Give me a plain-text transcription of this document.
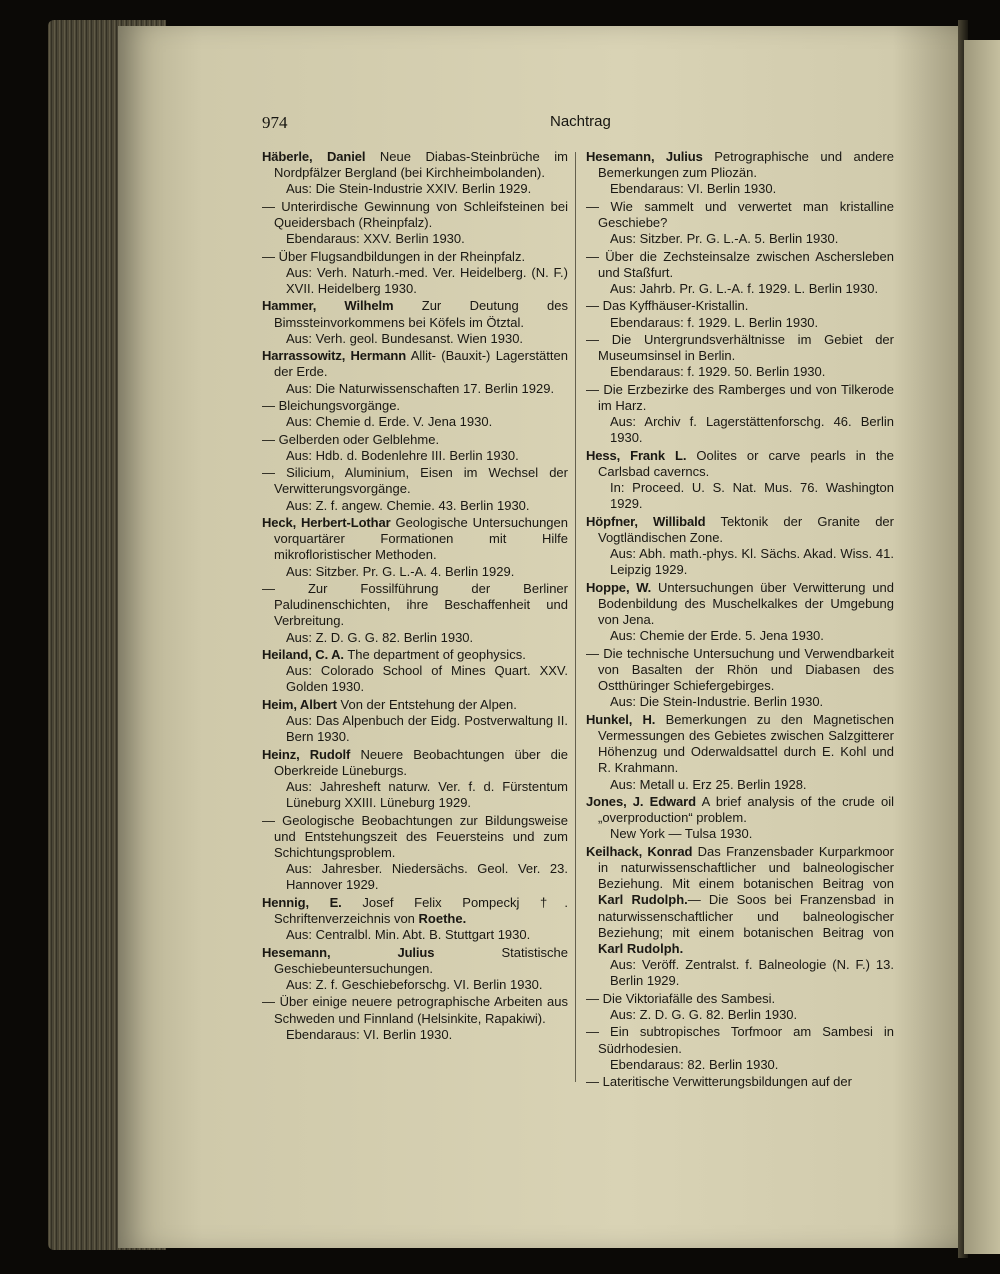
974	Nachtrag

Häberle, Daniel Neue Diabas-Steinbrüche im Nordpfälzer Bergland (bei Kirchheimbolanden).
Aus: Die Stein-Industrie XXIV. Berlin 1929.

— Unterirdische Gewinnung von Schleifsteinen bei Queidersbach (Rheinpfalz).
Ebendaraus: XXV. Berlin 1930.

— Über Flugsandbildungen in der Rheinpfalz.
Aus: Verh. Naturh.-med. Ver. Heidelberg. (N. F.) XVII. Heidelberg 1930.

Hammer, Wilhelm Zur Deutung des Bimssteinvorkommens bei Köfels im Ötztal.
Aus: Verh. geol. Bundesanst. Wien 1930.

Harrassowitz, Hermann Allit- (Bauxit-) Lagerstätten der Erde.
Aus: Die Naturwissenschaften 17. Berlin 1929.

— Bleichungsvorgänge.
Aus: Chemie d. Erde. V. Jena 1930.

— Gelberden oder Gelblehme.
Aus: Hdb. d. Bodenlehre III. Berlin 1930.

— Silicium, Aluminium, Eisen im Wechsel der Verwitterungsvorgänge.
Aus: Z. f. angew. Chemie. 43. Berlin 1930.

Heck, Herbert-Lothar Geologische Untersuchungen vorquartärer Formationen mit Hilfe mikrofloristischer Methoden.
Aus: Sitzber. Pr. G. L.-A. 4. Berlin 1929.

—	Zur Fossilführung der Berliner Paludinenschichten, ihre Beschaffenheit und Verbreitung.
Aus: Z. D. G. G. 82. Berlin 1930.

Heiland, C. A. The department of geophysics.
Aus: Colorado School of Mines Quart. XXV. Golden 1930.

Heim, Albert Von der Entstehung der Alpen.
Aus: Das Alpenbuch der Eidg. Postverwaltung II. Bern 1930.

Heinz, Rudolf Neuere Beobachtungen über die Oberkreide Lüneburgs.
Aus: Jahresheft naturw. Ver. f. d. Fürstentum Lüneburg XXIII. Lüneburg 1929.

— Geologische Beobachtungen zur Bildungsweise und Entstehungszeit des Feuersteins und zum Schichtungsproblem.
Aus: Jahresber. Niedersächs. Geol. Ver. 23. Hannover 1929.

Hennig, E. Josef Felix Pompeckj †. Schriftenverzeichnis von Roethe.
Aus: Centralbl. Min. Abt. B. Stuttgart 1930.

Hesemann, Julius	Statistische Geschiebeuntersuchungen.
Aus: Z. f. Geschiebeforschg. VI. Berlin 1930.

— Über einige neuere petrographische Arbeiten aus Schweden und Finnland (Helsinkite, Rapakiwi).
Ebendaraus: VI. Berlin 1930.

Hesemann, Julius Petrographische und andere Bemerkungen zum Pliozän.
Ebendaraus: VI. Berlin 1930.

— Wie sammelt und verwertet man kristalline Geschiebe?
Aus: Sitzber. Pr. G. L.-A. 5. Berlin 1930.

— Über die Zechsteinsalze zwischen Aschersleben und Staßfurt.
Aus: Jahrb. Pr. G. L.-A. f. 1929. L. Berlin 1930.

— Das Kyffhäuser-Kristallin.
Ebendaraus: f. 1929. L. Berlin 1930.

— Die Untergrundsverhältnisse im Gebiet der Museumsinsel in Berlin.
Ebendaraus: f. 1929. 50. Berlin 1930.

— Die Erzbezirke des Ramberges und von Tilkerode im Harz.
Aus: Archiv f. Lagerstättenforschg. 46. Berlin 1930.

Hess, Frank L. Oolites or carve pearls in the Carlsbad caverncs.
In: Proceed. U. S. Nat. Mus. 76. Washington 1929.

Höpfner, Willibald Tektonik der Granite der Vogtländischen Zone.
Aus: Abh. math.-phys. Kl. Sächs. Akad. Wiss. 41. Leipzig 1929.

Hoppe, W. Untersuchungen über Verwitterung und Bodenbildung des Muschelkalkes der Umgebung von Jena.
Aus: Chemie der Erde. 5. Jena 1930.

— Die technische Untersuchung und Verwendbarkeit von Basalten der Rhön und Diabasen des Ostthüringer Schiefergebirges.
Aus: Die Stein-Industrie. Berlin 1930.

Hunkel, H. Bemerkungen zu den Magnetischen Vermessungen des Gebietes zwischen Salzgitterer Höhenzug und Oderwaldsattel durch E. Kohl und R. Krahmann.
Aus: Metall u. Erz 25. Berlin 1928.

Jones, J. Edward A brief analysis of the crude oil „overproduction“ problem.
New York — Tulsa 1930.

Keilhack, Konrad Das Franzensbader Kurparkmoor in naturwissenschaftlicher und balneologischer Beziehung. Mit einem botanischen Beitrag von Karl Rudolph.— Die Soos bei Franzensbad in naturwissenschaftlicher und balneologischer Beziehung; mit einem botanischen Beitrag von Karl Rudolph.
Aus: Veröff. Zentralst. f. Balneologie (N. F.) 13. Berlin 1929.

— Die Viktoriafälle des Sambesi.
Aus: Z. D. G. G. 82. Berlin 1930.

— Ein subtropisches Torfmoor am Sambesi in Südrhodesien.
Ebendaraus: 82. Berlin 1930.

— Lateritische Verwitterungsbildungen auf der
